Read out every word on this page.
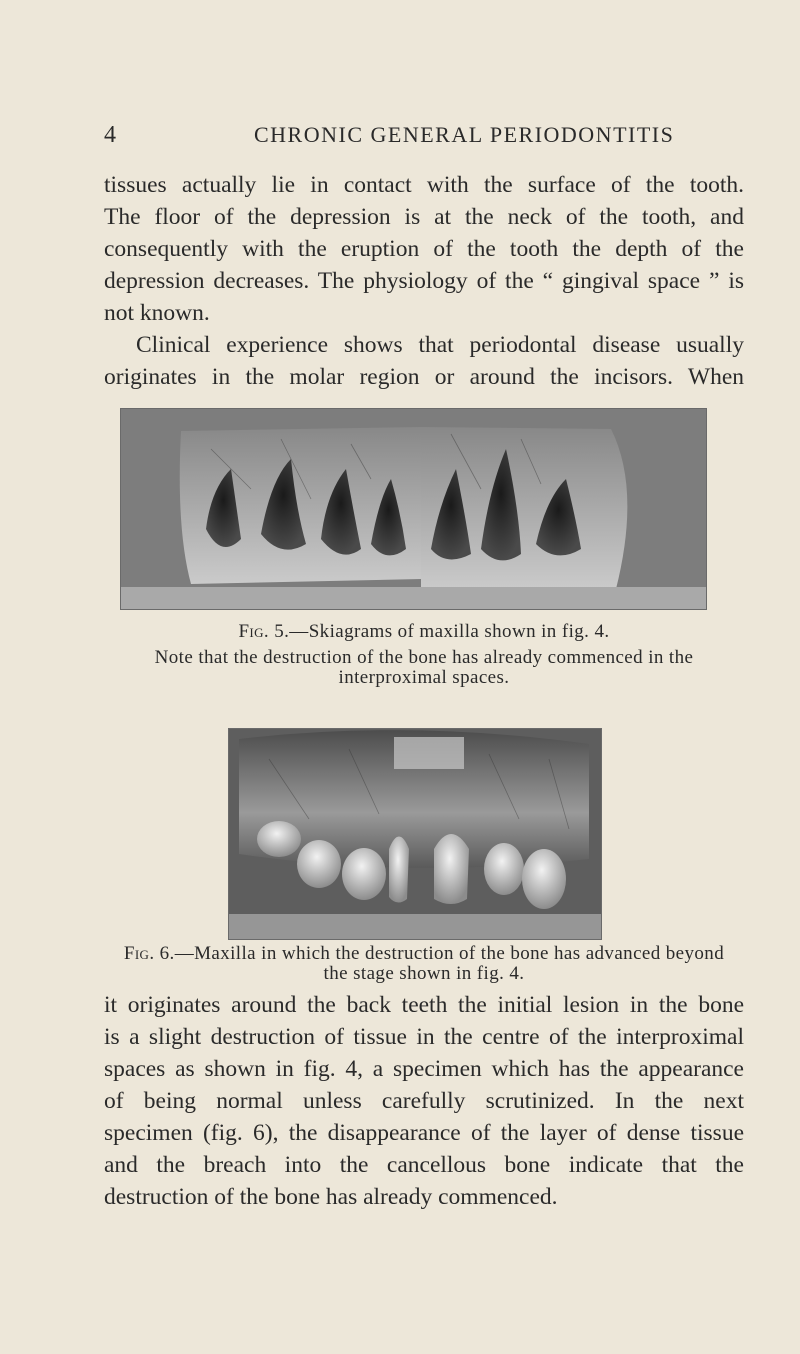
4	CHRONIC GENERAL PERIODONTITIS
tissues actually lie in contact with the surface of the tooth.
The floor of the depression is at the neck of the tooth, and
consequently with the eruption of the tooth the depth of the
depression decreases. The physiology of the “ gingival space ” is
not known.
Clinical experience shows that periodontal disease usually
originates in the molar region or around the incisors. When
Fig. 5.—Skiagrams of maxilla shown in fig. 4.
Note that the destruction of the bone has already commenced in the
interproximal spaces.
Fig. 6.—Maxilla in which the destruction of the bone has advanced beyond
the stage shown in fig. 4.
it originates around the back teeth the initial lesion in the bone
is a slight destruction of tissue in the centre of the interproximal
spaces as shown in fig. 4, a specimen which has the appearance
of being normal unless carefully scrutinized. In the next
specimen (fig. 6), the disappearance of the layer of dense tissue
and the breach into the cancellous bone indicate that the
destruction of the bone has already commenced.
